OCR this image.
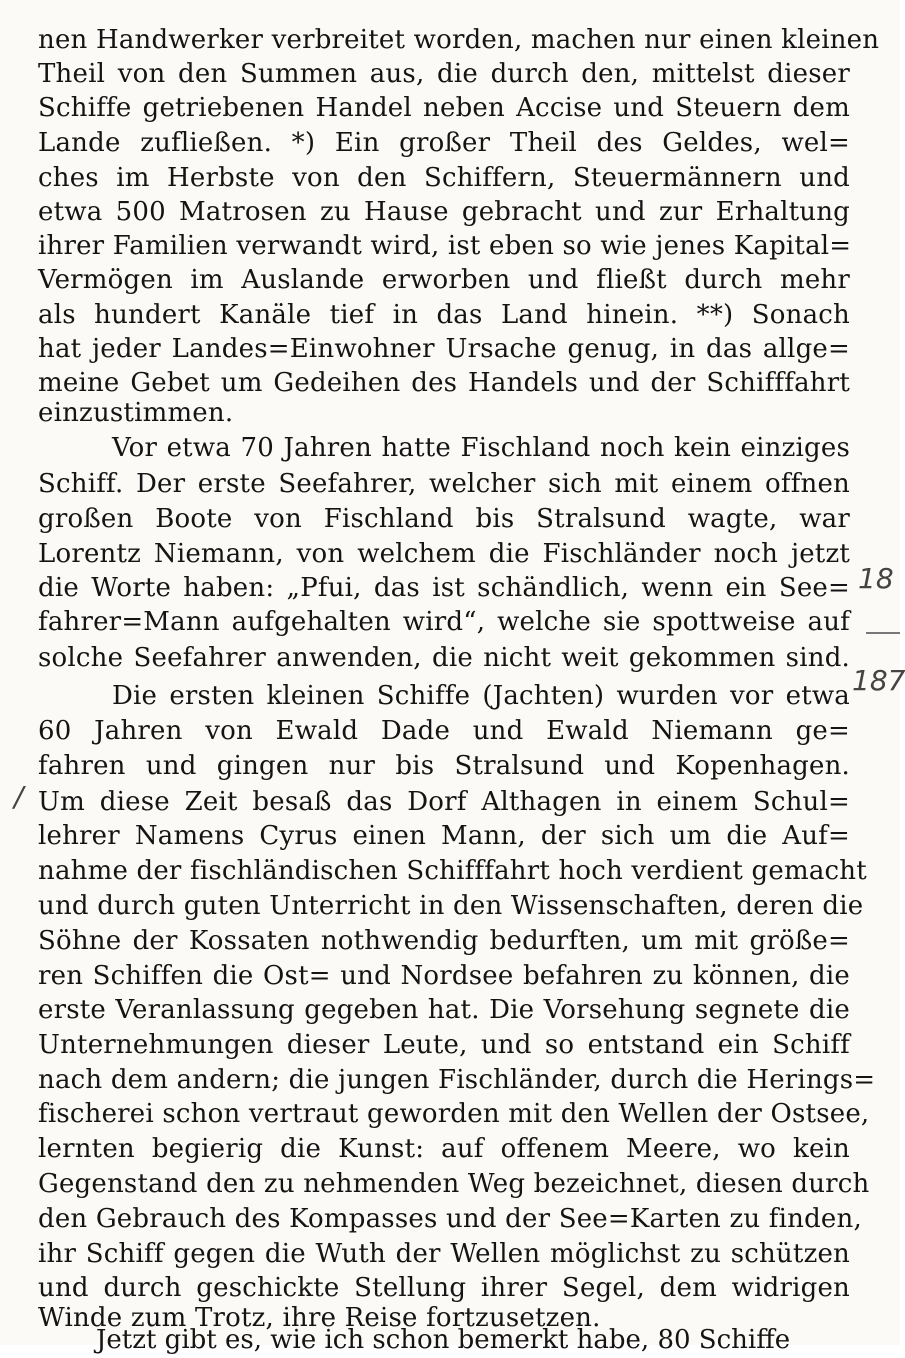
nen Handwerker verbreitet worden, machen nur einen kleinen
Theil von den Summen aus, die durch den, mittelst dieser
Schiffe getriebenen Handel neben Accise und Steuern dem
Lande zufließen. *) Ein großer Theil des Geldes, wel=
ches im Herbste von den Schiffern, Steuermännern und
etwa 500 Matrosen zu Hause gebracht und zur Erhaltung
ihrer Familien verwandt wird, ist eben so wie jenes Kapital=
Vermögen im Auslande erworben und fließt durch mehr
als hundert Kanäle tief in das Land hinein. **) Sonach
hat jeder Landes=Einwohner Ursache genug, in das allge=
meine Gebet um Gedeihen des Handels und der Schifffahrt
einzustimmen.
Vor etwa 70 Jahren hatte Fischland noch kein einziges
Schiff. Der erste Seefahrer, welcher sich mit einem offnen
großen Boote von Fischland bis Stralsund wagte, war
Lorentz Niemann, von welchem die Fischländer noch jetzt
die Worte haben: „Pfui, das ist schändlich, wenn ein See=
fahrer=Mann aufgehalten wird“, welche sie spottweise auf
solche Seefahrer anwenden, die nicht weit gekommen sind.
Die ersten kleinen Schiffe (Jachten) wurden vor etwa
60 Jahren von Ewald Dade und Ewald Niemann ge=
fahren und gingen nur bis Stralsund und Kopenhagen.
Um diese Zeit besaß das Dorf Althagen in einem Schul=
lehrer Namens Cyrus einen Mann, der sich um die Auf=
nahme der fischländischen Schifffahrt hoch verdient gemacht
und durch guten Unterricht in den Wissenschaften, deren die
Söhne der Kossaten nothwendig bedurften, um mit größe=
ren Schiffen die Ost= und Nordsee befahren zu können, die
erste Veranlassung gegeben hat. Die Vorsehung segnete die
Unternehmungen dieser Leute, und so entstand ein Schiff
nach dem andern; die jungen Fischländer, durch die Herings=
fischerei schon vertraut geworden mit den Wellen der Ostsee,
lernten begierig die Kunst: auf offenem Meere, wo kein
Gegenstand den zu nehmenden Weg bezeichnet, diesen durch
den Gebrauch des Kompasses und der See=Karten zu finden,
ihr Schiff gegen die Wuth der Wellen möglichst zu schützen
und durch geschickte Stellung ihrer Segel, dem widrigen
Winde zum Trotz, ihre Reise fortzusetzen.
Jetzt gibt es, wie ich schon bemerkt habe, 80 Schiffe
18
187
/
